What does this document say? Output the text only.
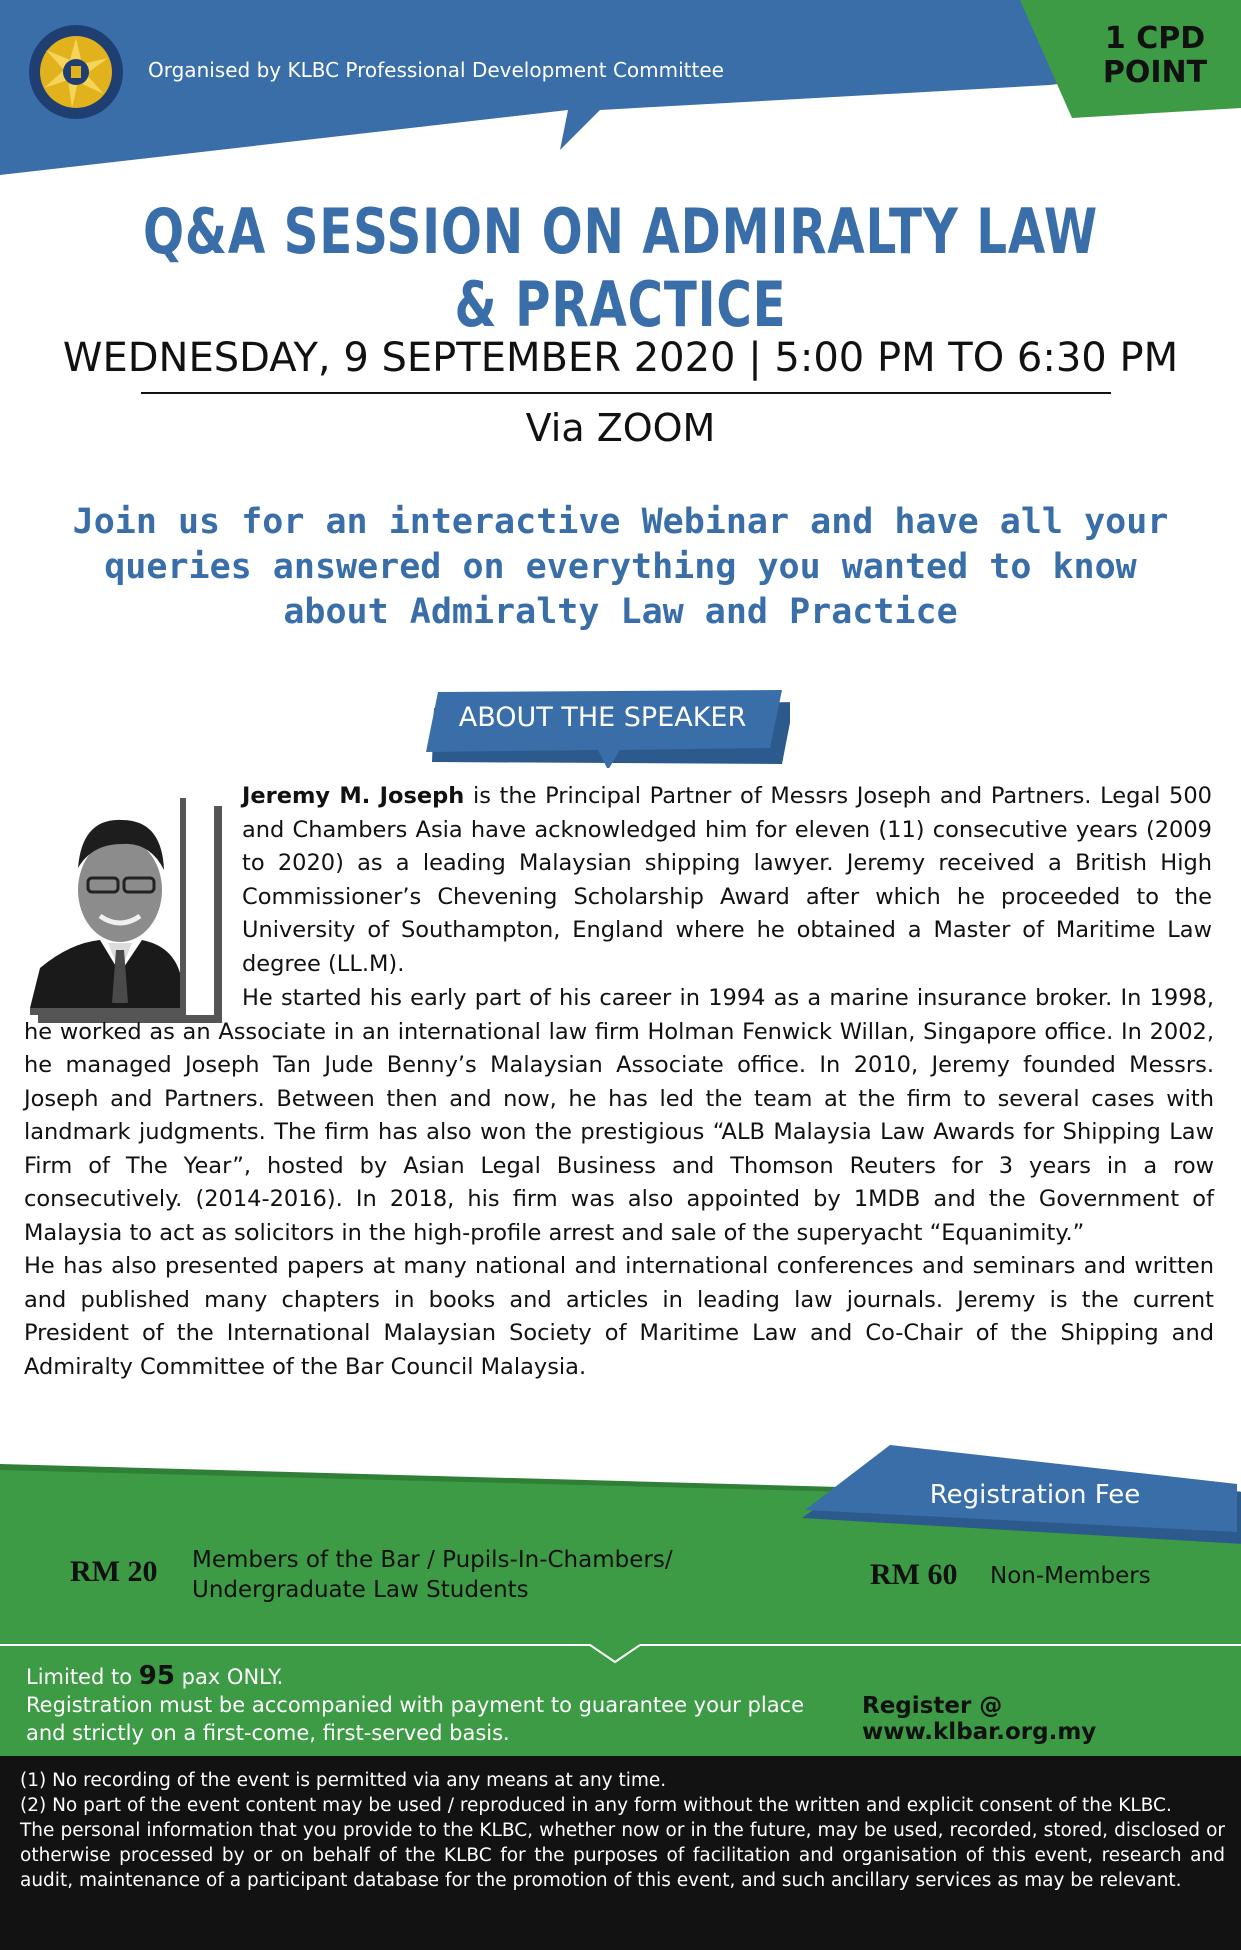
Organised by KLBC Professional Development Committee
1 CPD
POINT
Q&A SESSION ON ADMIRALTY LAW & PRACTICE
WEDNESDAY, 9 SEPTEMBER 2020 | 5:00 PM TO 6:30 PM
Via ZOOM
Join us for an interactive Webinar and have all your queries answered on everything you wanted to know about Admiralty Law and Practice
ABOUT THE SPEAKER
Jeremy M. Joseph is the Principal Partner of Messrs Joseph and Partners. Legal 500 and Chambers Asia have acknowledged him for eleven (11) consecutive years (2009 to 2020) as a leading Malaysian shipping lawyer. Jeremy received a British High Commissioner’s Chevening Scholarship Award after which he proceeded to the University of Southampton, England where he obtained a Master of Maritime Law degree (LL.M).
He started his early part of his career in 1994 as a marine insurance broker. In 1998, he worked as an Associate in an international law firm Holman Fenwick Willan, Singapore office. In 2002, he managed Joseph Tan Jude Benny’s Malaysian Associate office. In 2010, Jeremy founded Messrs. Joseph and Partners. Between then and now, he has led the team at the firm to several cases with landmark judgments. The firm has also won the prestigious “ALB Malaysia Law Awards for Shipping Law Firm of The Year”, hosted by Asian Legal Business and Thomson Reuters for 3 years in a row consecutively. (2014-2016). In 2018, his firm was also appointed by 1MDB and the Government of Malaysia to act as solicitors in the high-profile arrest and sale of the superyacht “Equanimity.”
He has also presented papers at many national and international conferences and seminars and written and published many chapters in books and articles in leading law journals. Jeremy is the current President of the International Malaysian Society of Maritime Law and Co-Chair of the Shipping and Admiralty Committee of the Bar Council Malaysia.
Registration Fee
RM 20 Members of the Bar / Pupils-In-Chambers/
Undergraduate Law Students	RM 60 Non-Members
Limited to 95 pax ONLY.
Registration must be accompanied with payment to guarantee your place and strictly on a first-come, first-served basis.
Register @ www.klbar.org.my
(1) No recording of the event is permitted via any means at any time.
(2) No part of the event content may be used / reproduced in any form without the written and explicit consent of the KLBC.
The personal information that you provide to the KLBC, whether now or in the future, may be used, recorded, stored, disclosed or otherwise processed by or on behalf of the KLBC for the purposes of facilitation and organisation of this event, research and audit, maintenance of a participant database for the promotion of this event, and such ancillary services as may be relevant.
